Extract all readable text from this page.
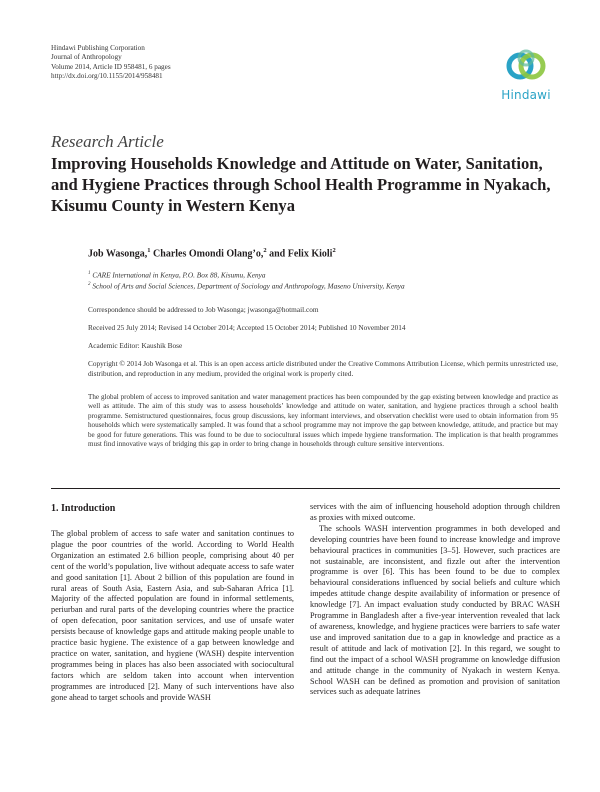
Hindawi Publishing Corporation
Journal of Anthropology
Volume 2014, Article ID 958481, 6 pages
http://dx.doi.org/10.1155/2014/958481
Hindawi
Research Article
Improving Households Knowledge and Attitude on Water, Sanitation, and Hygiene Practices through School Health Programme in Nyakach, Kisumu County in Western Kenya
Job Wasonga,$^1$ Charles Omondi Olang’o,$^2$ and Felix Kioli$^2$
$^1$ CARE International in Kenya, P.O. Box 88, Kisumu, Kenya
$^2$ School of Arts and Social Sciences, Department of Sociology and Anthropology, Maseno University, Kenya
Correspondence should be addressed to Job Wasonga; jwasonga@hotmail.com
Received 25 July 2014; Revised 14 October 2014; Accepted 15 October 2014; Published 10 November 2014
Academic Editor: Kaushik Bose
Copyright © 2014 Job Wasonga et al. This is an open access article distributed under the Creative Commons Attribution License, which permits unrestricted use, distribution, and reproduction in any medium, provided the original work is properly cited.
The global problem of access to improved sanitation and water management practices has been compounded by the gap existing between knowledge and practice as well as attitude. The aim of this study was to assess households’ knowledge and attitude on water, sanitation, and hygiene practices through a school health programme. Semistructured questionnaires, focus group discussions, key informant interviews, and observation checklist were used to obtain information from 95 households which were systematically sampled. It was found that a school programme may not improve the gap between knowledge, attitude, and practice but may be good for future generations. This was found to be due to sociocultural issues which impede hygiene transformation. The implication is that health programmes must find innovative ways of bridging this gap in order to bring change in households through culture sensitive interventions.
1. Introduction
The global problem of access to safe water and sanitation continues to plague the poor countries of the world. According to World Health Organization an estimated 2.6 billion people, comprising about 40 per cent of the world’s population, live without adequate access to safe water and good sanitation [1]. About 2 billion of this population are found in rural areas of South Asia, Eastern Asia, and sub-Saharan Africa [1]. Majority of the affected population are found in informal settlements, periurban and rural parts of the developing countries where the practice of open defecation, poor sanitation services, and use of unsafe water persists because of knowledge gaps and attitude making people unable to practice basic hygiene. The existence of a gap between knowledge and practice on water, sanitation, and hygiene (WASH) despite intervention programmes being in places has also been associated with sociocultural factors which are seldom taken into account when intervention programmes are introduced [2]. Many of such interventions have also gone ahead to target schools and provide WASH
services with the aim of influencing household adoption through children as proxies with mixed outcome.
The schools WASH intervention programmes in both developed and developing countries have been found to increase knowledge and improve behavioural practices in communities [3–5]. However, such practices are not sustainable, are inconsistent, and fizzle out after the intervention programme is over [6]. This has been found to be due to complex behavioural considerations influenced by social beliefs and culture which impedes attitude change despite availability of information or presence of knowledge [7]. An impact evaluation study conducted by BRAC WASH Programme in Bangladesh after a five-year intervention revealed that lack of awareness, knowledge, and hygiene practices were barriers to safe water use and improved sanitation due to a gap in knowledge and practice as a result of attitude and lack of motivation [2]. In this regard, we sought to find out the impact of a school WASH programme on knowledge diffusion and attitude change in the community of Nyakach in western Kenya. School WASH can be defined as promotion and provision of sanitation services such as adequate latrines
